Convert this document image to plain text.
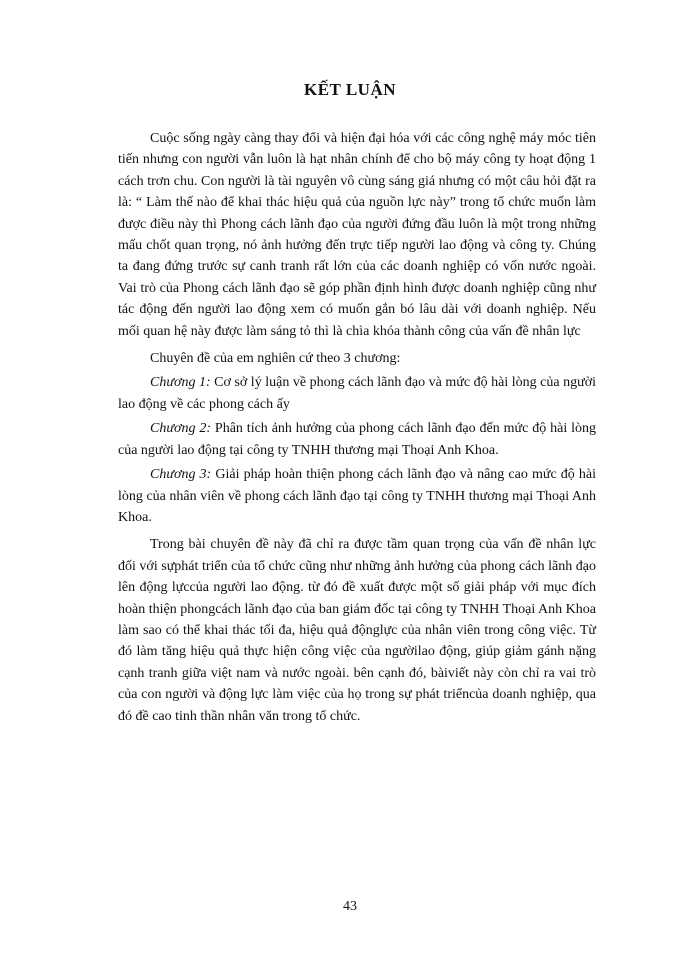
KẾT LUẬN

Cuộc sống ngày càng thay đổi và hiện đại hóa với các công nghệ máy móc tiên tiến nhưng con người vẫn luôn là hạt nhân chính để cho bộ máy công ty hoạt động 1 cách trơn chu. Con người là tài nguyên vô cùng sáng giá nhưng có một câu hỏi đặt ra là: “ Làm thế nào để khai thác hiệu quả của nguồn lực này” trong tổ chức muốn làm được điều này thì Phong cách lãnh đạo của người đứng đầu luôn là một trong những mấu chốt quan trọng, nó ảnh hưởng đến trực tiếp người lao động và công ty. Chúng ta đang đứng trước sự canh tranh rất lớn của các doanh nghiệp có vốn nước ngoài. Vai trò của Phong cách lãnh đạo sẽ góp phần định hình được doanh nghiệp cũng như tác động đến người lao động xem có muốn gắn bó lâu dài với doanh nghiệp. Nếu mối quan hệ này được làm sáng tỏ thì là chìa khóa thành công của vấn đề nhân lực

Chuyên đề của em nghiên cứ theo 3 chương:

Chương 1: Cơ sở lý luận về phong cách lãnh đạo và mức độ hài lòng của người lao động về các phong cách ấy

Chương 2: Phân tích ảnh hưởng của phong cách lãnh đạo đến mức độ hài lòng của người lao động tại công ty TNHH thương mại Thoại Anh Khoa.

Chương 3: Giải pháp hoàn thiện phong cách lãnh đạo và nâng cao mức độ hài lòng của nhân viên về phong cách lãnh đạo tại công ty TNHH thương mại Thoại Anh Khoa.

Trong bài chuyên đề này đã chỉ ra được tầm quan trọng của vấn đề nhân lực đối với sựphát triển của tổ chức cũng như những ảnh hưởng của phong cách lãnh đạo lên động lựccủa người lao động. từ đó đề xuất được một số giải pháp với mục đích hoàn thiện phongcách lãnh đạo của ban giám đốc tại công ty TNHH Thoại Anh Khoa làm sao có thể khai thác tối đa, hiệu quả độnglực của nhân viên trong công việc. Từ đó làm tăng hiệu quả thực hiện công việc của ngườilao động, giúp giảm gánh nặng cạnh tranh giữa việt nam và nước ngoài. bên cạnh đó, bàiviết này còn chỉ ra vai trò của con người và động lực làm việc của họ trong sự phát triểncủa doanh nghiệp, qua đó đề cao tinh thần nhân văn trong tổ chức.

43
